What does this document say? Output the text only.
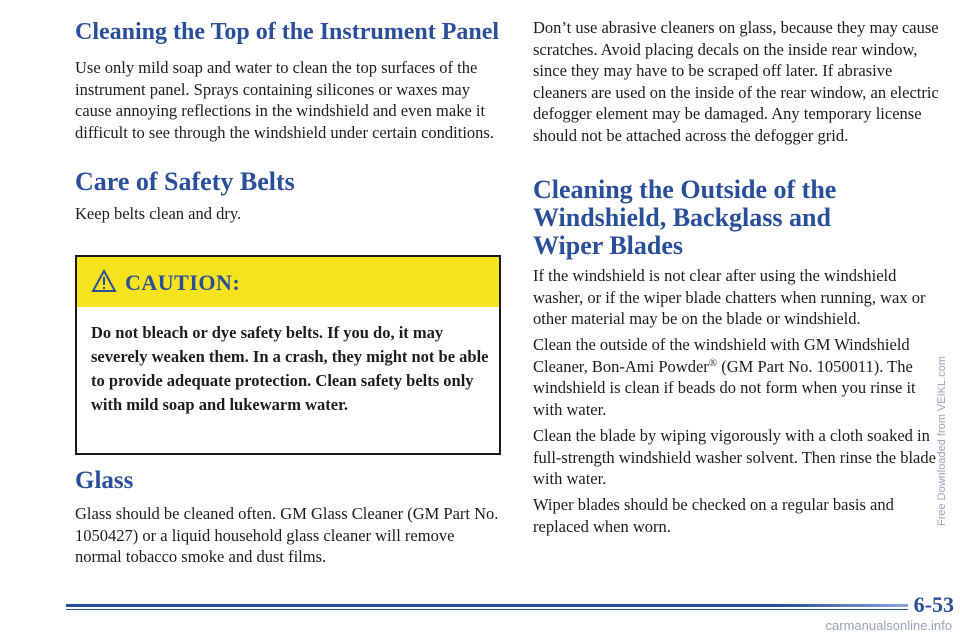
Cleaning the Top of the Instrument Panel

Use only mild soap and water to clean the top surfaces of the instrument panel. Sprays containing silicones or waxes may cause annoying reflections in the windshield and even make it difficult to see through the windshield under certain conditions.

Care of Safety Belts

Keep belts clean and dry.

CAUTION:

Do not bleach or dye safety belts. If you do, it may severely weaken them. In a crash, they might not be able to provide adequate protection. Clean safety belts only with mild soap and lukewarm water.

Glass

Glass should be cleaned often. GM Glass Cleaner (GM Part No. 1050427) or a liquid household glass cleaner will remove normal tobacco smoke and dust films.

Don’t use abrasive cleaners on glass, because they may cause scratches. Avoid placing decals on the inside rear window, since they may have to be scraped off later. If abrasive cleaners are used on the inside of the rear window, an electric defogger element may be damaged. Any temporary license should not be attached across the defogger grid.

Cleaning the Outside of the
Windshield, Backglass and
Wiper Blades

If the windshield is not clear after using the windshield washer, or if the wiper blade chatters when running, wax or other material may be on the blade or windshield.

Clean the outside of the windshield with GM Windshield Cleaner, Bon-Ami Powder® (GM Part No. 1050011). The windshield is clean if beads do not form when you rinse it with water.

Clean the blade by wiping vigorously with a cloth soaked in full-strength windshield washer solvent. Then rinse the blade with water.

Wiper blades should be checked on a regular basis and replaced when worn.

6-53
Free Downloaded from VEIKL.com
carmanualsonline.info
